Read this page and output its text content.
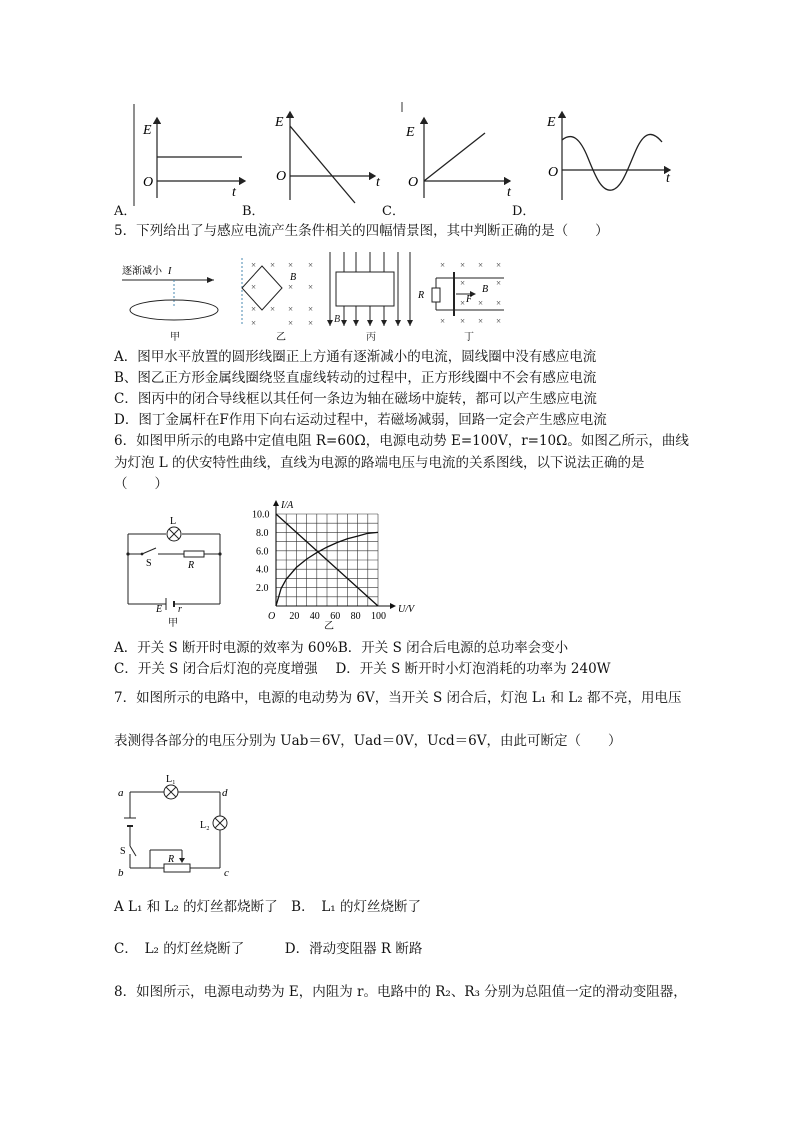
E
O
t
E
O	t
E
O
t
E
O	t
A．	B．	C．	D．
5．下列给出了与感应电流产生条件相关的四幅情景图，其中判断正确的是（　　）
逐渐减小 I
甲
× × × ×
×	× ×
× × × ×
×	× ×
B
乙
B
丙
× × × ×
×	×
× × ×
× × × ×
R	F
B
丁
A．图甲水平放置的圆形线圈正上方通有逐渐减小的电流，圆线圈中没有感应电流
B、图乙正方形金属线圈绕竖直虚线转动的过程中，正方形线圈中不会有感应电流
C．图丙中的闭合导线框以其任何一条边为轴在磁场中旋转，都可以产生感应电流
D．图丁金属杆在F作用下向右运动过程中，若磁场减弱，回路一定会产生感应电流
6．如图甲所示的电路中定值电阻 R=60Ω，电源电动势 E=100V，r=10Ω。如图乙所示，曲线
为灯泡 L 的伏安特性曲线，直线为电源的路端电压与电流的关系图线，以下说法正确的是
（　　）
L
S	R
E r
甲
O 20 40 60 80 100
2.0
4.0
6.0
8.0
10.0
I/A
U/V
乙
A．开关 S 断开时电源的效率为 60%B．开关 S 闭合后电源的总功率会变小
C．开关 S 闭合后灯泡的亮度增强　 D．开关 S 断开时小灯泡消耗的功率为 240W
7．如图所示的电路中，电源的电动势为 6V，当开关 S 闭合后，灯泡 L₁ 和 L₂ 都不亮，用电压
表测得各部分的电压分别为 Uab＝6V，Uad＝0V，Ucd＝6V，由此可断定（　　）
a	d
b	c
L₁
L₂
S
R
A L₁ 和 L₂ 的灯丝都烧断了　B．　L₁ 的灯丝烧断了
C．　L₂ 的灯丝烧断了　　　D．滑动变阻器 R 断路
8．如图所示，电源电动势为 E，内阻为 r。电路中的 R₂、R₃ 分别为总阻值一定的滑动变阻器，
